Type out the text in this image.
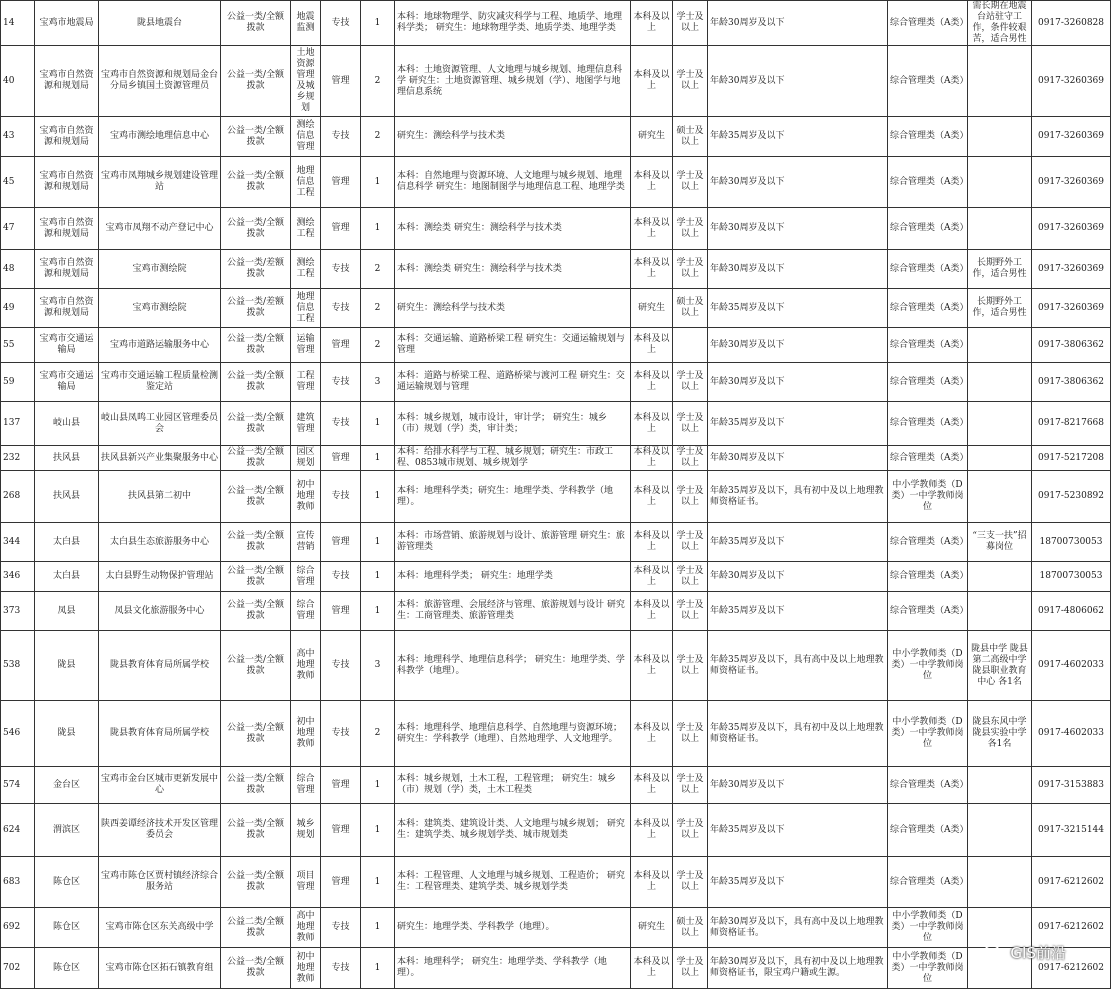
14	宝鸡市地震局	陇县地震台	公益一类/全额拨款	地震监测	专技	1	本科：地球物理学、防灾减灾科学与工程、地质学、地理科学类； 研究生：地球物理学类、地质学类、地理学类	本科及以上	学士及以上	年龄30周岁及以下	综合管理类（A类）	需长期在地震台站驻守工作，条件较艰苦，适合男性	0917-3260828
40	宝鸡市自然资源和规划局	宝鸡市自然资源和规划局金台分局乡镇国土资源管理员	公益一类/全额拨款	土地资源管理及城乡规划	管理	2	本科：土地资源管理、人文地理与城乡规划、地理信息科学 研究生：土地资源管理、城乡规划（学）、地图学与地理信息系统	本科及以上	学士及以上	年龄30周岁及以下	综合管理类（A类）		0917-3260369
43	宝鸡市自然资源和规划局	宝鸡市测绘地理信息中心	公益一类/全额拨款	测绘信息管理	专技	2	研究生：测绘科学与技术类	研究生	硕士及以上	年龄35周岁及以下	综合管理类（A类）		0917-3260369
45	宝鸡市自然资源和规划局	宝鸡市凤翔城乡规划建设管理站	公益一类/全额拨款	地理信息工程	管理	1	本科：自然地理与资源环境、人文地理与城乡规划、地理信息科学 研究生：地图制图学与地理信息工程、地理学类	本科及以上	学士及以上	年龄30周岁及以下	综合管理类（A类）		0917-3260369
47	宝鸡市自然资源和规划局	宝鸡市凤翔不动产登记中心	公益一类/全额拨款	测绘工程	管理	1	本科：测绘类 研究生：测绘科学与技术类	本科及以上	学士及以上	年龄30周岁及以下	综合管理类（A类）		0917-3260369
48	宝鸡市自然资源和规划局	宝鸡市测绘院	公益一类/差额拨款	测绘工程	专技	2	本科：测绘类 研究生：测绘科学与技术类	本科及以上	学士及以上	年龄30周岁及以下	综合管理类（A类）	长期野外工作，适合男性	0917-3260369
49	宝鸡市自然资源和规划局	宝鸡市测绘院	公益一类/差额拨款	地理信息工程	专技	2	研究生：测绘科学与技术类	研究生	硕士及以上	年龄35周岁及以下	综合管理类（A类）	长期野外工作，适合男性	0917-3260369
55	宝鸡市交通运输局	宝鸡市道路运输服务中心	公益一类/全额拨款	运输管理	管理	2	本科：交通运输、道路桥梁工程 研究生：交通运输规划与管理	本科及以上		年龄30周岁及以下	综合管理类（A类）		0917-3806362
59	宝鸡市交通运输局	宝鸡市交通运输工程质量检测鉴定站	公益一类/全额拨款	工程管理	专技	3	本科：道路与桥梁工程、道路桥梁与渡河工程 研究生：交通运输规划与管理	本科及以上	学士及以上	年龄30周岁及以下	综合管理类（A类）		0917-3806362
137	岐山县	岐山县凤鸣工业园区管理委员会	公益一类/全额拨款	建筑管理	专技	1	本科：城乡规划，城市设计，审计学； 研究生：城乡（市）规划（学）类，审计类；	本科及以上	学士及以上	年龄35周岁及以下	综合管理类（A类）		0917-8217668
232	扶风县	扶风县新兴产业集聚服务中心	公益一类/全额拨款	园区规划	管理	1	本科：给排水科学与工程、城乡规划；研究生：市政工程、0853城市规划、城乡规划学	本科及以上	学士及以上	年龄30周岁及以下	综合管理类（A类）		0917-5217208
268	扶风县	扶风县第二初中	公益一类/全额拨款	初中地理教师	专技	1	本科：地理科学类；研究生：地理学类、学科教学（地理）。	本科及以上	学士及以上	年龄35周岁及以下，具有初中及以上地理教师资格证书。	中小学教师类（D类）一中学教师岗位		0917-5230892
344	太白县	太白县生态旅游服务中心	公益一类/全额拨款	宣传营销	管理	1	本科：市场营销、旅游规划与设计、旅游管理 研究生：旅游管理类	本科及以上	学士及以上	年龄35周岁及以下	综合管理类（A类）	“三支一扶”招募岗位	18700730053
346	太白县	太白县野生动物保护管理站	公益一类/全额拨款	综合管理	专技	1	本科：地理科学类； 研究生：地理学类	本科及以上	学士及以上	年龄30周岁及以下	综合管理类（A类）		18700730053
373	凤县	凤县文化旅游服务中心	公益一类/全额拨款	综合管理	管理	1	本科：旅游管理、会展经济与管理、旅游规划与设计 研究生：工商管理类、旅游管理类	本科及以上	学士及以上	年龄35周岁及以下	综合管理类（A类）		0917-4806062
538	陇县	陇县教育体育局所属学校	公益一类/全额拨款	高中地理教师	专技	3	本科：地理科学、地理信息科学； 研究生：地理学类、学科教学（地理）。	本科及以上	学士及以上	年龄35周岁及以下，具有高中及以上地理教师资格证书。	中小学教师类（D类）一中学教师岗位	陇县中学 陇县第二高级中学 陇县职业教育中心 各1名	0917-4602033
546	陇县	陇县教育体育局所属学校	公益一类/全额拨款	初中地理教师	专技	2	本科：地理科学、地理信息科学、自然地理与资源环境； 研究生：学科教学（地理）、自然地理学、人文地理学。	本科及以上	学士及以上	年龄35周岁及以下，具有初中及以上地理教师资格证书。	中小学教师类（D类）一中学教师岗位	陇县东风中学 陇县实验中学 各1名	0917-4602033
574	金台区	宝鸡市金台区城市更新发展中心	公益一类/全额拨款	综合管理	管理	1	本科：城乡规划，土木工程，工程管理； 研究生：城乡（市）规划（学）类，土木工程类	本科及以上	学士及以上	年龄30周岁及以下	综合管理类（A类）		0917-3153883
624	渭滨区	陕西姜谭经济技术开发区管理委员会	公益一类/全额拨款	城乡规划	管理	1	本科：建筑类、建筑设计类、人文地理与城乡规划； 研究生：建筑学类、城乡规划学类、城市规划类	本科及以上	学士及以上	年龄35周岁及以下	综合管理类（A类）		0917-3215144
683	陈仓区	宝鸡市陈仓区贾村镇经济综合服务站	公益一类/全额拨款	项目管理	管理	1	本科：工程管理、人文地理与城乡规划、工程造价； 研究生：工程管理类、建筑学类、城乡规划学类	本科及以上	学士及以上	年龄35周岁及以下	综合管理类（A类）		0917-6212602
692	陈仓区	宝鸡市陈仓区东关高级中学	公益二类/全额拨款	高中地理教师	专技	1	研究生：地理学类、学科教学（地理）。	研究生	硕士及以上	年龄30周岁及以下，具有高中及以上地理教师资格证书。	中小学教师类（D类）一中学教师岗位		0917-6212602
702	陈仓区	宝鸡市陈仓区拓石镇教育组	公益一类/全额拨款	初中地理教师	专技	1	本科：地理科学； 研究生：地理学类、学科教学（地理）。	本科及以上	学士及以上	年龄30周岁及以下，具有初中及以上地理教师资格证书，限宝鸡户籍或生源。	中小学教师类（D类）一中学教师岗位		0917-6212602
GIS前沿
